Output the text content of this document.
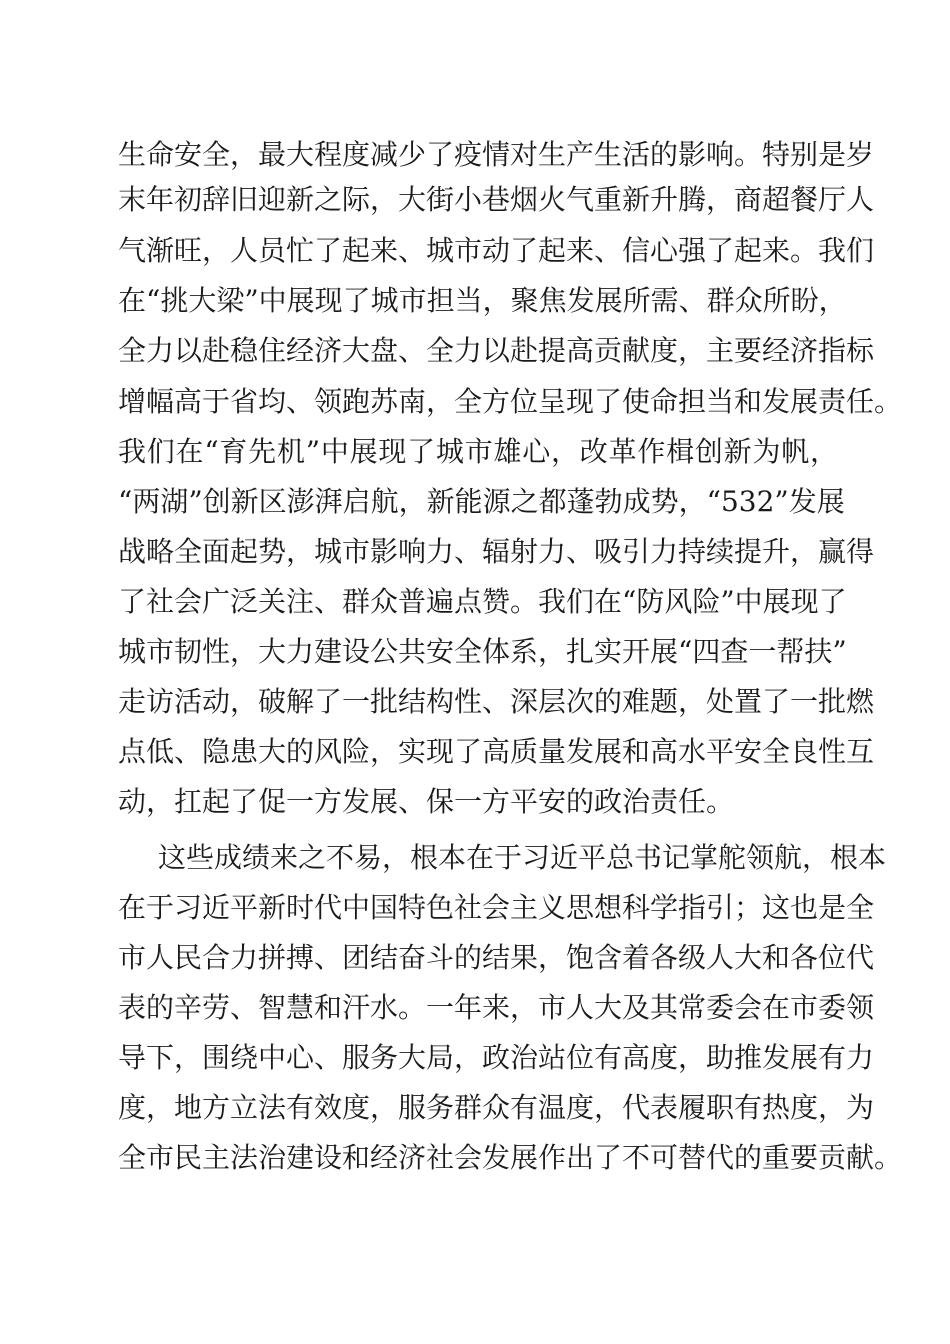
生命安全，最大程度减少了疫情对生产生活的影响。特别是岁
末年初辞旧迎新之际，大街小巷烟火气重新升腾，商超餐厅人
气渐旺，人员忙了起来、城市动了起来、信心强了起来。我们
在“挑大梁”中展现了城市担当，聚焦发展所需、群众所盼，
全力以赴稳住经济大盘、全力以赴提高贡献度，主要经济指标
增幅高于省均、领跑苏南，全方位呈现了使命担当和发展责任。
我们在“育先机”中展现了城市雄心，改革作楫创新为帆，
“两湖”创新区澎湃启航，新能源之都蓬勃成势，“532”发展
战略全面起势，城市影响力、辐射力、吸引力持续提升，赢得
了社会广泛关注、群众普遍点赞。我们在“防风险”中展现了
城市韧性，大力建设公共安全体系，扎实开展“四查一帮扶”
走访活动，破解了一批结构性、深层次的难题，处置了一批燃
点低、隐患大的风险，实现了高质量发展和高水平安全良性互
动，扛起了促一方发展、保一方平安的政治责任。
这些成绩来之不易，根本在于习近平总书记掌舵领航，根本
在于习近平新时代中国特色社会主义思想科学指引；这也是全
市人民合力拼搏、团结奋斗的结果，饱含着各级人大和各位代
表的辛劳、智慧和汗水。一年来，市人大及其常委会在市委领
导下，围绕中心、服务大局，政治站位有高度，助推发展有力
度，地方立法有效度，服务群众有温度，代表履职有热度，为
全市民主法治建设和经济社会发展作出了不可替代的重要贡献。
